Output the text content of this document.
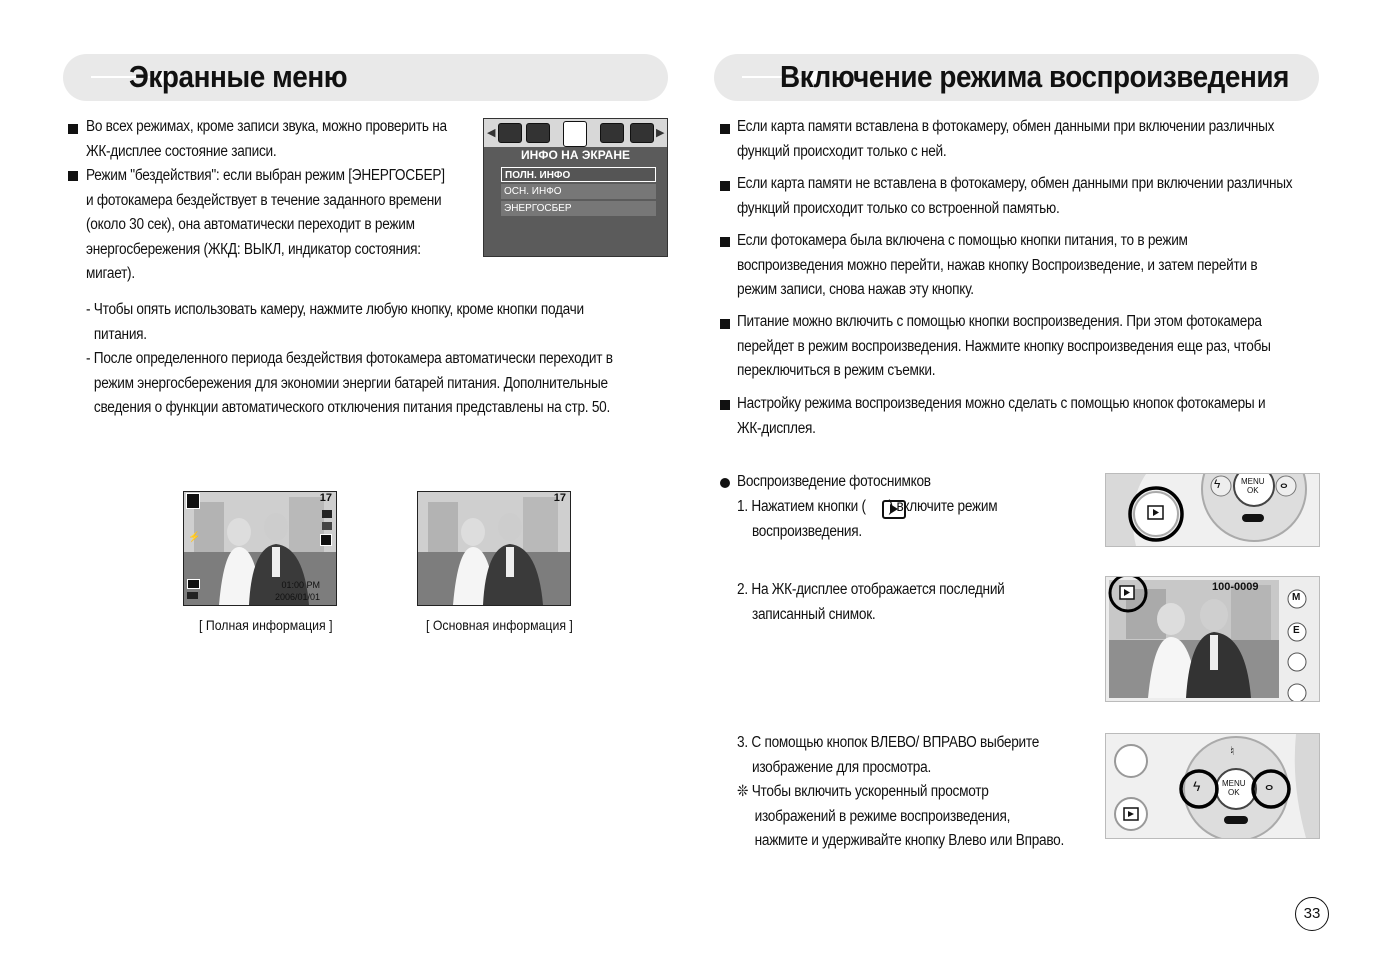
Экранные меню	Включение режима воспроизведения
Во всех режимах, кроме записи звука, можно проверить на
ЖК-дисплее состояние записи.
Режим "бездействия": если выбран режим [ЭНЕРГОСБЕР]
и фотокамера бездействует в течение заданного времени
(около 30 сек), она автоматически переходит в режим
энергосбережения (ЖКД: ВЫКЛ, индикатор состояния:
мигает).
- Чтобы опять использовать камеру, нажмите любую кнопку, кроме кнопки подачи
питания.
- После определенного периода бездействия фотокамера автоматически переходит в
режим энергосбережения для экономии энергии батарей питания. Дополнительные
сведения о функции автоматического отключения питания представлены на стр. 50.
◀	▶
ИНФО НА ЭКРАНЕ
ПОЛН. ИНФО
ОСН. ИНФО
ЭНЕРГОСБЕР
17
⚡
01:00 PM
2006/01/01
[ Полная информация ]
17
[ Основная информация ]
Если карта памяти вставлена в фотокамеру, обмен данными при включении различных
функций происходит только с ней.
Если карта памяти не вставлена в фотокамеру, обмен данными при включении различных
функций происходит только со встроенной памятью.
Если фотокамера была включена с помощью кнопки питания, то в режим
воспроизведения можно перейти, нажав кнопку Воспроизведение, и затем перейти в
режим записи, снова нажав эту кнопку.
Питание можно включить с помощью кнопки воспроизведения. При этом фотокамера
перейдет в режим воспроизведения. Нажмите кнопку воспроизведения еще раз, чтобы
переключиться в режим съемки.
Настройку режима воспроизведения можно сделать с помощью кнопок фотокамеры и
ЖК-дисплея.
Воспроизведение фотоснимков
1. Нажатием кнопки ( ) включите режим
воспроизведения.
2. На ЖК-дисплее отображается последний
записанный снимок.
3. С помощью кнопок ВЛЕВО/ ВПРАВО выберите
изображение для просмотра.
❊ Чтобы включить ускоренный просмотр
изображений в режиме воспроизведения,
нажмите и удерживайте кнопку Влево или Вправо.
MENU
OK
ϟ	ⴰ
100-0009
M
E
MENU
OK
ϟ	ⴰ
♮
33
